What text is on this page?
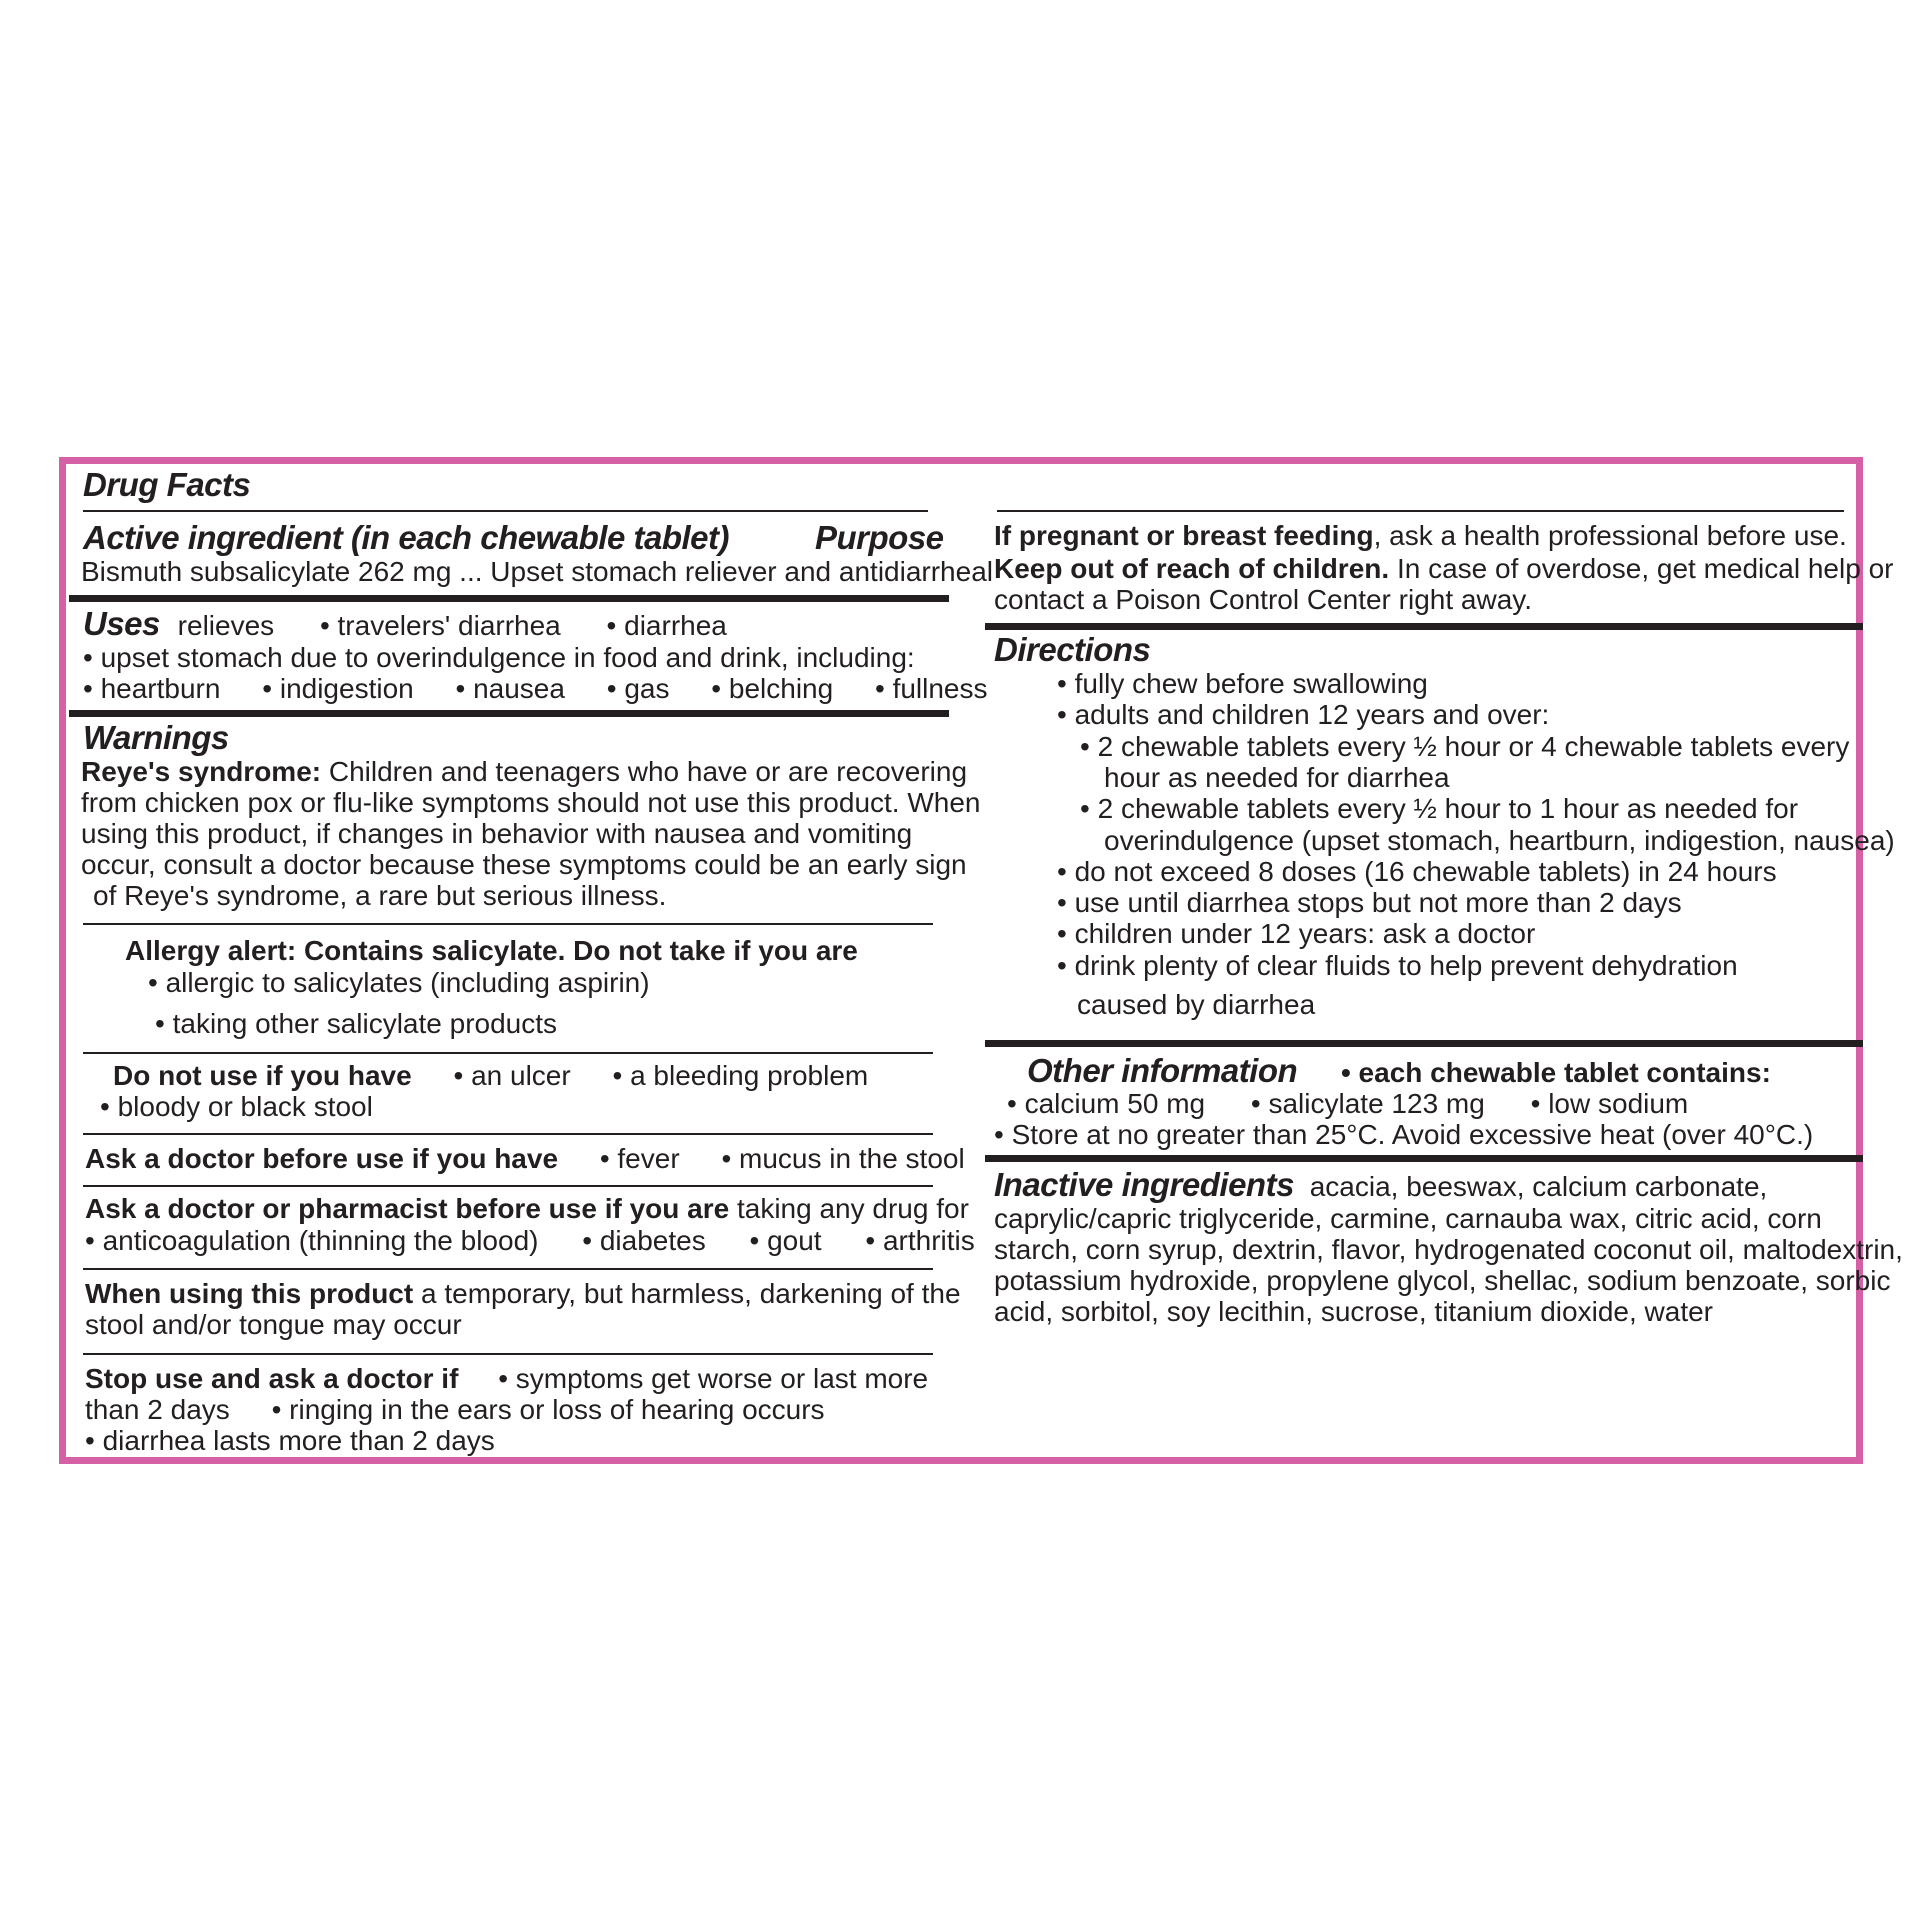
Drug Facts
Active ingredient (in each chewable tablet)	Purpose
Bismuth subsalicylate 262 mg ... Upset stomach reliever and antidiarrheal
Uses relieves • travelers' diarrhea • diarrhea
• upset stomach due to overindulgence in food and drink, including:
• heartburn • indigestion • nausea • gas • belching • fullness
Warnings
Reye's syndrome: Children and teenagers who have or are recovering
from chicken pox or flu-like symptoms should not use this product. When
using this product, if changes in behavior with nausea and vomiting
occur, consult a doctor because these symptoms could be an early sign
of Reye's syndrome, a rare but serious illness.
Allergy alert: Contains salicylate. Do not take if you are
• allergic to salicylates (including aspirin)
• taking other salicylate products
Do not use if you have • an ulcer • a bleeding problem
• bloody or black stool
Ask a doctor before use if you have • fever • mucus in the stool
Ask a doctor or pharmacist before use if you are taking any drug for
• anticoagulation (thinning the blood) • diabetes • gout • arthritis
When using this product a temporary, but harmless, darkening of the
stool and/or tongue may occur
Stop use and ask a doctor if • symptoms get worse or last more
than 2 days • ringing in the ears or loss of hearing occurs
• diarrhea lasts more than 2 days
If pregnant or breast feeding, ask a health professional before use.
Keep out of reach of children. In case of overdose, get medical help or
contact a Poison Control Center right away.
Directions
• fully chew before swallowing
• adults and children 12 years and over:
• 2 chewable tablets every ½ hour or 4 chewable tablets every
hour as needed for diarrhea
• 2 chewable tablets every ½ hour to 1 hour as needed for
overindulgence (upset stomach, heartburn, indigestion, nausea)
• do not exceed 8 doses (16 chewable tablets) in 24 hours
• use until diarrhea stops but not more than 2 days
• children under 12 years: ask a doctor
• drink plenty of clear fluids to help prevent dehydration
caused by diarrhea
Other information • each chewable tablet contains:
• calcium 50 mg • salicylate 123 mg • low sodium
• Store at no greater than 25°C. Avoid excessive heat (over 40°C.)
Inactive ingredients acacia, beeswax, calcium carbonate,
caprylic/capric triglyceride, carmine, carnauba wax, citric acid, corn
starch, corn syrup, dextrin, flavor, hydrogenated coconut oil, maltodextrin,
potassium hydroxide, propylene glycol, shellac, sodium benzoate, sorbic
acid, sorbitol, soy lecithin, sucrose, titanium dioxide, water
